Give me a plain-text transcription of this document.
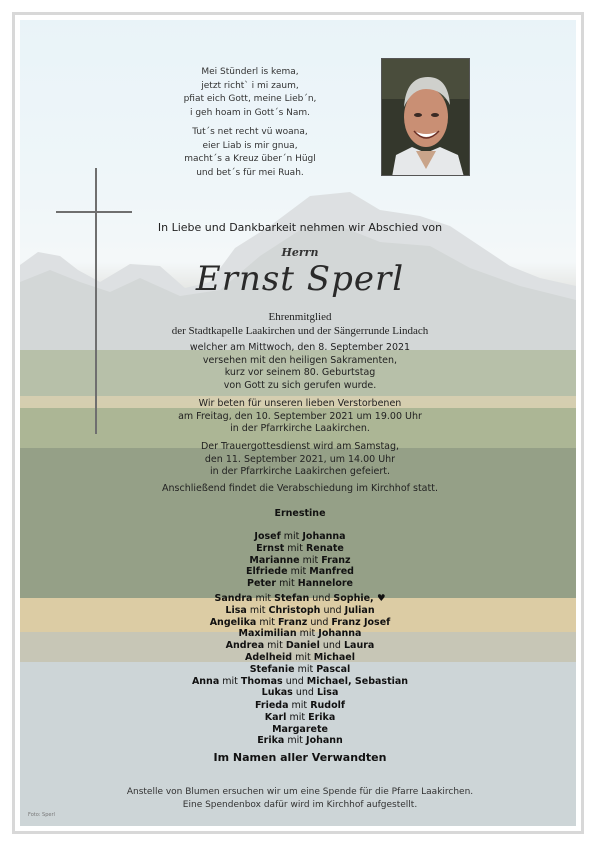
Mei Stünderl is kema,
jetzt richt` i mi zaum,
pfiat eich Gott, meine Lieb´n,
i geh hoam in Gott´s Nam.
Tut´s net recht vü woana,
eier Liab is mir gnua,
macht´s a Kreuz über´n Hügl
und bet´s für mei Ruah.
In Liebe und Dankbarkeit nehmen wir Abschied von
Herrn
Ernst Sperl
Ehrenmitglied
der Stadtkapelle Laakirchen und der Sängerrunde Lindach
welcher am Mittwoch, den 8. September 2021
versehen mit den heiligen Sakramenten,
kurz vor seinem 80. Geburtstag
von Gott zu sich gerufen wurde.
Wir beten für unseren lieben Verstorbenen
am Freitag, den 10. September 2021 um 19.00 Uhr
in der Pfarrkirche Laakirchen.
Der Trauergottesdienst wird am Samstag,
den 11. September 2021, um 14.00 Uhr
in der Pfarrkirche Laakirchen gefeiert.
Anschließend findet die Verabschiedung im Kirchhof statt.
Ernestine
Josef mit Johanna
Ernst mit Renate
Marianne mit Franz
Elfriede mit Manfred
Peter mit Hannelore
Sandra mit Stefan und Sophie, ♥
Lisa mit Christoph und Julian
Angelika mit Franz und Franz Josef
Maximilian mit Johanna
Andrea mit Daniel und Laura
Adelheid mit Michael
Stefanie mit Pascal
Anna mit Thomas und Michael, Sebastian
Lukas und Lisa
Frieda mit Rudolf
Karl mit Erika
Margarete
Erika mit Johann
Im Namen aller Verwandten
Anstelle von Blumen ersuchen wir um eine Spende für die Pfarre Laakirchen.
Eine Spendenbox dafür wird im Kirchhof aufgestellt.
Foto: Sperl
